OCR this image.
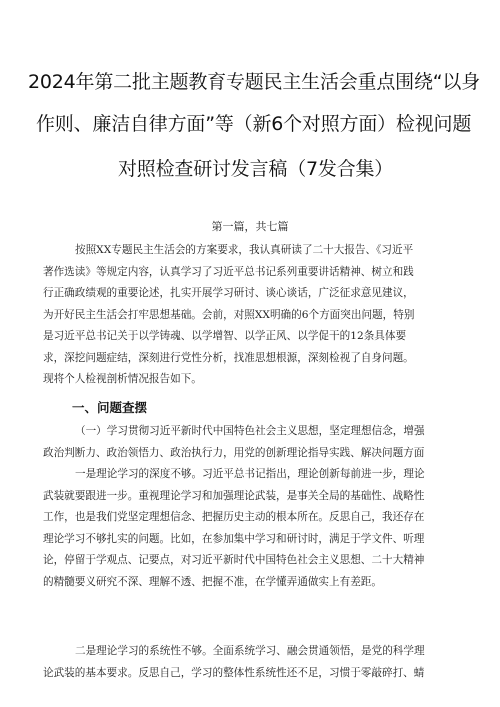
2024年第二批主题教育专题民主生活会重点围绕“以身
作则、廉洁自律方面”等（新6个对照方面）检视问题
对照检查研讨发言稿（7发合集）
第一篇，共七篇
按照XX专题民主生活会的方案要求，我认真研读了二十大报告、《习近平
著作选读》等规定内容，认真学习了习近平总书记系列重要讲话精神、树立和践
行正确政绩观的重要论述，扎实开展学习研讨、谈心谈话，广泛征求意见建议，
为开好民主生活会打牢思想基础。会前，对照XX明确的6个方面突出问题，特别
是习近平总书记关于以学铸魂、以学增智、以学正风、以学促干的12条具体要
求，深挖问题症结，深刻进行党性分析，找准思想根源，深刻检视了自身问题。
现将个人检视剖析情况报告如下。
一、问题查摆
（一）学习贯彻习近平新时代中国特色社会主义思想，坚定理想信念，增强
政治判断力、政治领悟力、政治执行力，用党的创新理论指导实践、解决问题方面
一是理论学习的深度不够。习近平总书记指出，理论创新每前进一步，理论
武装就要跟进一步。重视理论学习和加强理论武装，是事关全局的基础性、战略性
工作，也是我们党坚定理想信念、把握历史主动的根本所在。反思自己，我还存在
理论学习不够扎实的问题。比如，在参加集中学习和研讨时，满足于学文件、听理
论，停留于学观点、记要点，对习近平新时代中国特色社会主义思想、二十大精神
的精髓要义研究不深、理解不透、把握不准，在学懂弄通做实上有差距。
二是理论学习的系统性不够。全面系统学习、融会贯通领悟，是党的科学理
论武装的基本要求。反思自己，学习的整体性系统性还不足，习惯于零敲碎打、蜻
